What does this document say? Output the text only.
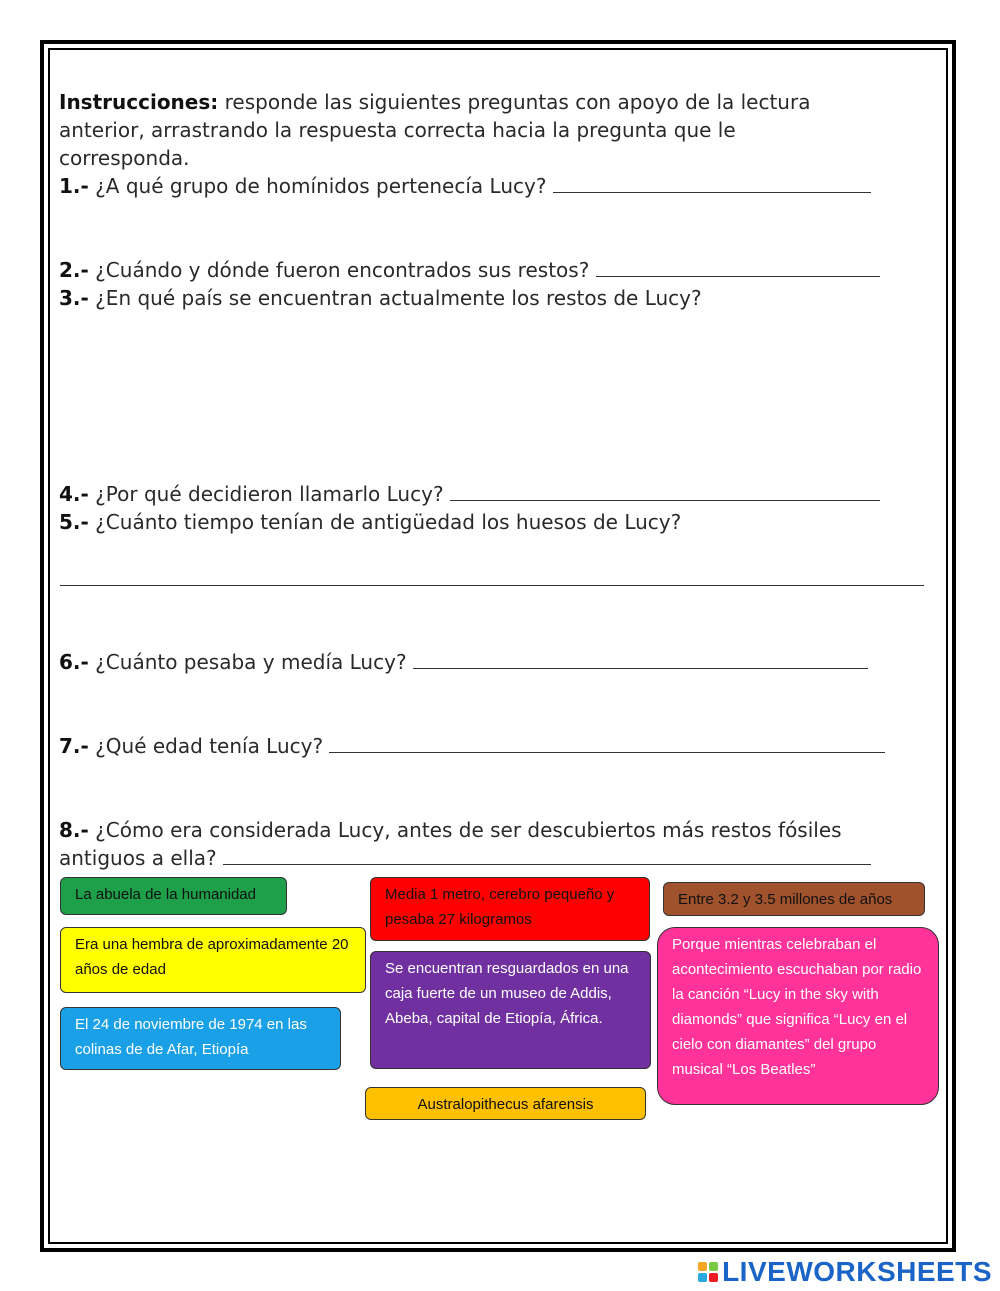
Instrucciones: responde las siguientes preguntas con apoyo de la lectura
anterior, arrastrando la respuesta correcta hacia la pregunta que le
corresponda.
1.- ¿A qué grupo de homínidos pertenecía Lucy?
2.- ¿Cuándo y dónde fueron encontrados sus restos?
3.- ¿En qué país se encuentran actualmente los restos de Lucy?
4.- ¿Por qué decidieron llamarlo Lucy?
5.- ¿Cuánto tiempo tenían de antigüedad los huesos de Lucy?
6.- ¿Cuánto pesaba y medía Lucy?
7.- ¿Qué edad tenía Lucy?
8.- ¿Cómo era considerada Lucy, antes de ser descubiertos más restos fósiles
antiguos a ella?
La abuela de la humanidad	Media 1 metro, cerebro pequeño y pesaba 27 kilogramos
Entre 3.2 y 3.5 millones de años
Era una hembra de aproximadamente 20 años de edad	Se encuentran resguardados en una caja fuerte de un museo de Addis, Abeba, capital de Etiopía, África.
Porque mientras celebraban el acontecimiento escuchaban por radio la canción “Lucy in the sky with diamonds” que significa “Lucy en el cielo con diamantes” del grupo musical “Los Beatles”
El 24 de noviembre de 1974 en las colinas de de Afar, Etiopía
Australopithecus afarensis
LIVEWORKSHEETS
